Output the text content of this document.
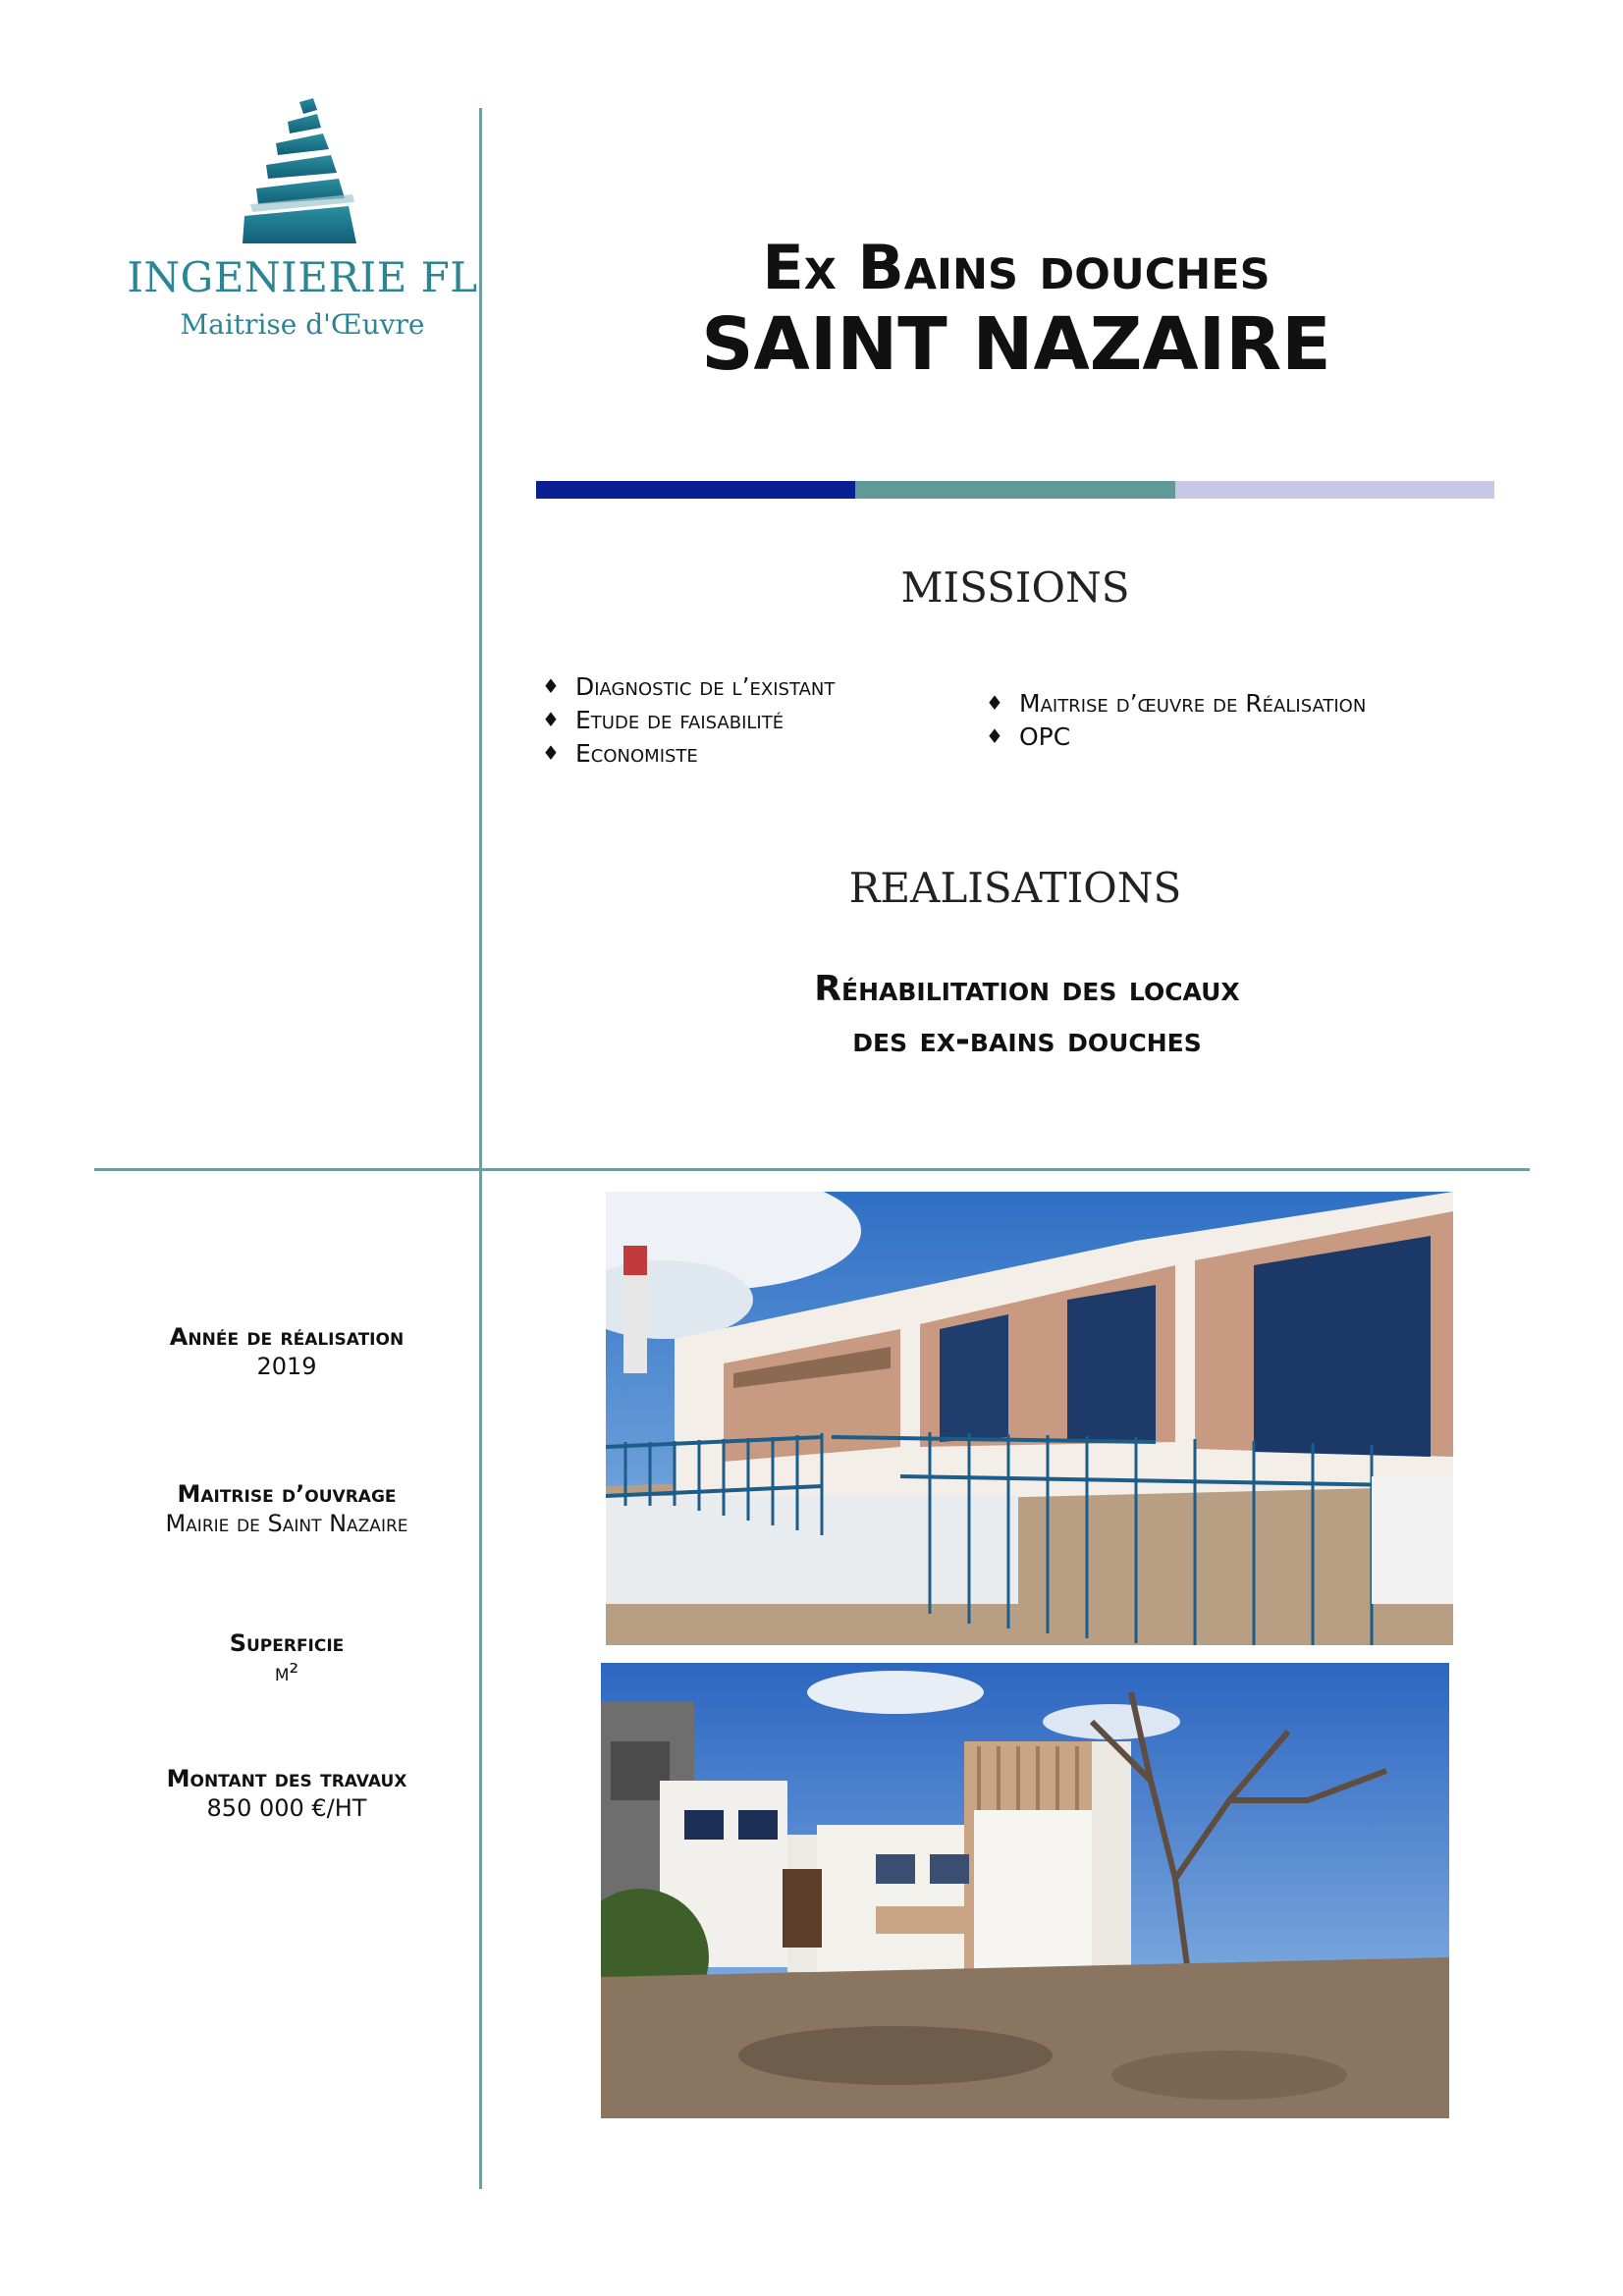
INGENIERIE FL
Maitrise d'Œuvre
Ex Bains douches
SAINT NAZAIRE
MISSIONS
♦ Diagnostic de l’existant
♦ Etude de faisabilité
♦ Economiste
♦ Maitrise d’œuvre de Réalisation
♦ OPC
REALISATIONS
Réhabilitation des locaux
des ex-bains douches
Année de réalisation
2019
Maitrise d’ouvrage
Mairie de Saint Nazaire
Superficie
m²
Montant des travaux
850 000 €/HT
